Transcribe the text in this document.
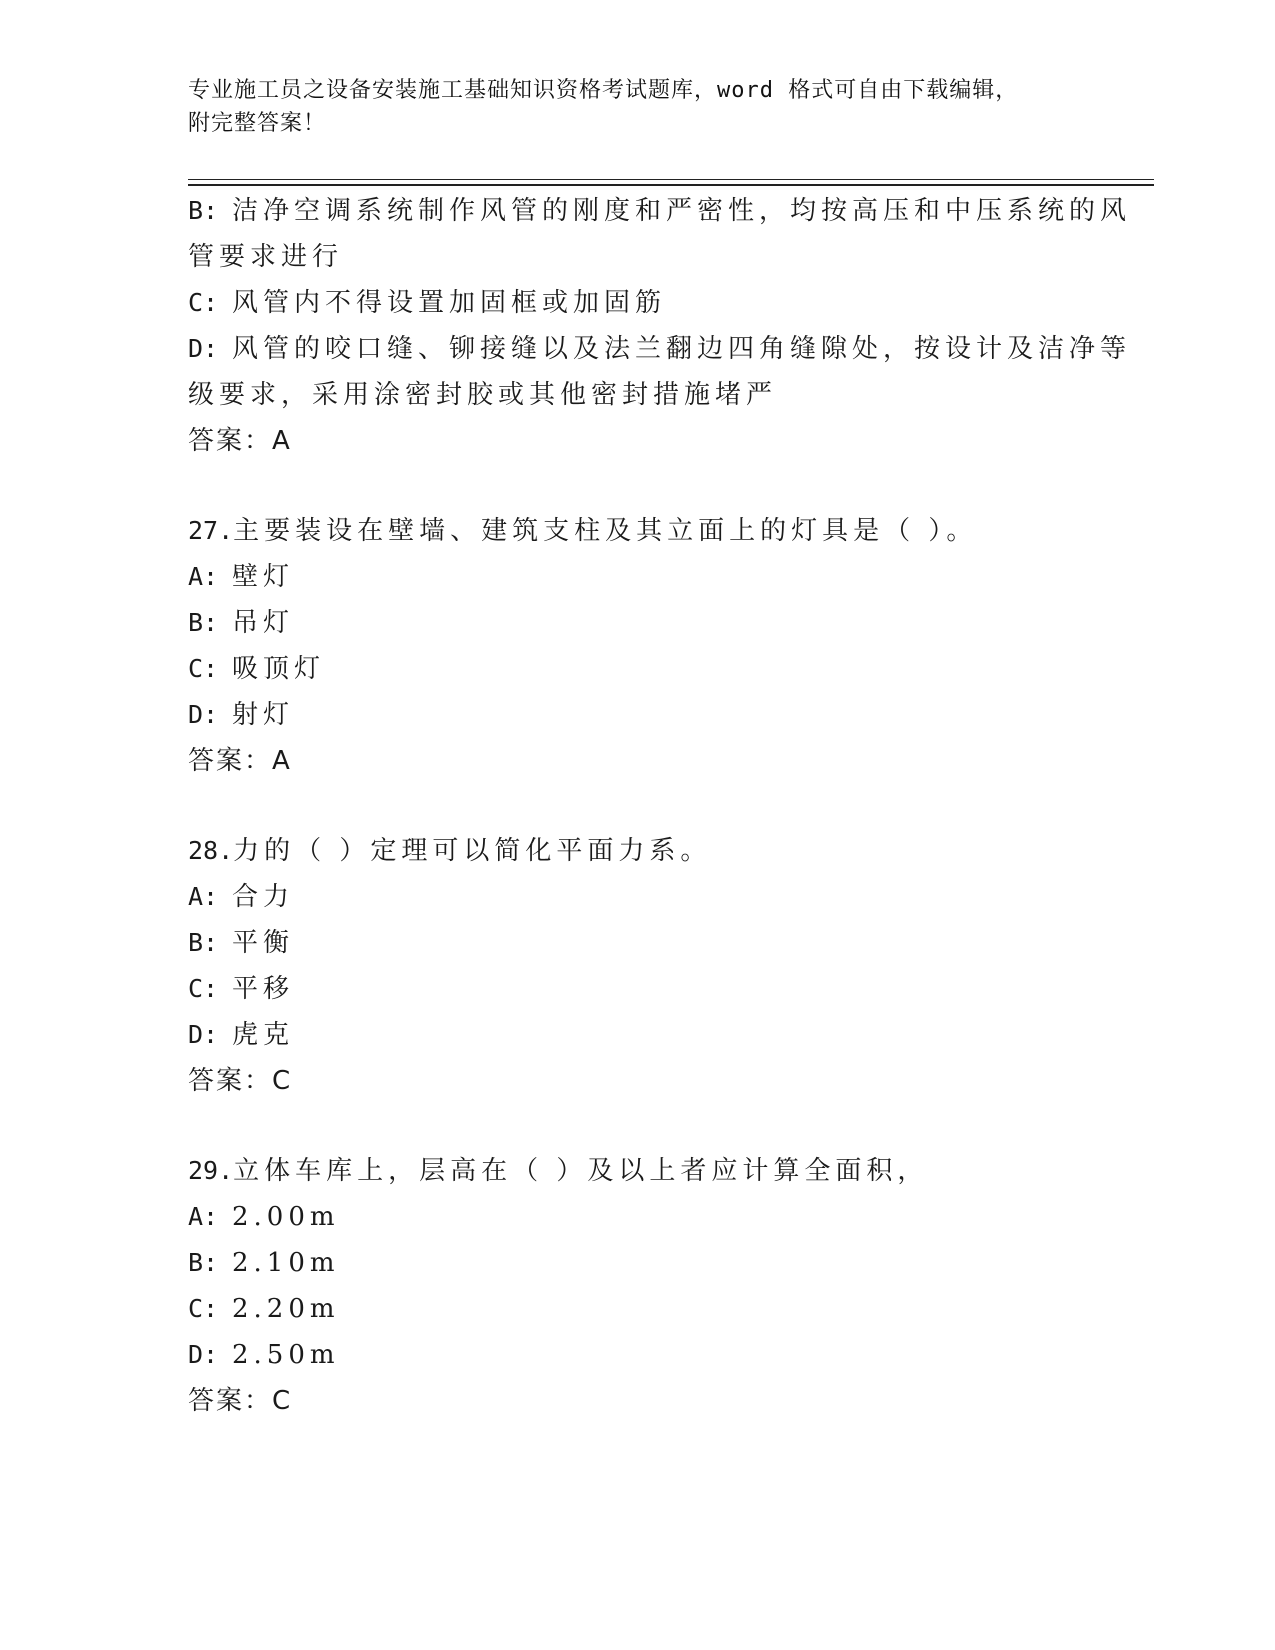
专业施工员之设备安装施工基础知识资格考试题库，word 格式可自由下载编辑，
附完整答案！
B: 洁净空调系统制作风管的刚度和严密性，均按高压和中压系统的风
管要求进行
C: 风管内不得设置加固框或加固筋
D: 风管的咬口缝、铆接缝以及法兰翻边四角缝隙处，按设计及洁净等
级要求，采用涂密封胶或其他密封措施堵严
答案：A
27.主要装设在壁墙、建筑支柱及其立面上的灯具是（ ）。
A: 壁灯
B: 吊灯
C: 吸顶灯
D: 射灯
答案：A
28.力的（ ）定理可以简化平面力系。
A: 合力
B: 平衡
C: 平移
D: 虎克
答案：C
29.立体车库上，层高在（ ）及以上者应计算全面积，
A: 2.00m
B: 2.10m
C: 2.20m
D: 2.50m
答案：C
